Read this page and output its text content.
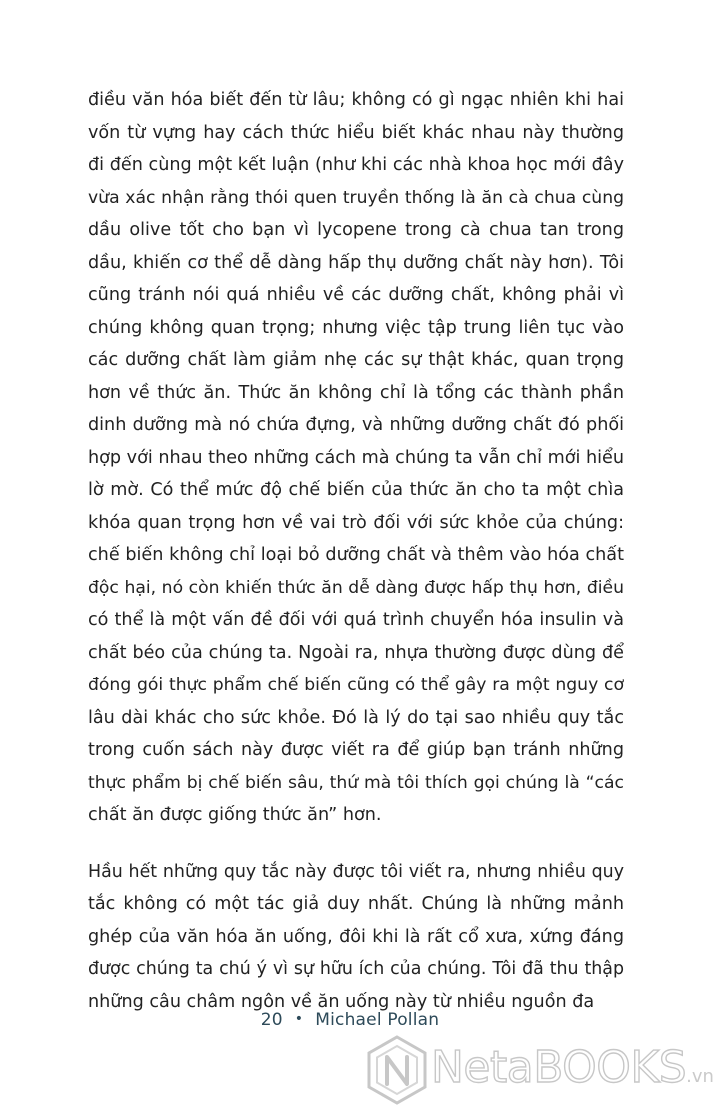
điều văn hóa biết đến từ lâu; không có gì ngạc nhiên khi hai
vốn từ vựng hay cách thức hiểu biết khác nhau này thường
đi đến cùng một kết luận (như khi các nhà khoa học mới đây
vừa xác nhận rằng thói quen truyền thống là ăn cà chua cùng
dầu olive tốt cho bạn vì lycopene trong cà chua tan trong
dầu, khiến cơ thể dễ dàng hấp thụ dưỡng chất này hơn). Tôi
cũng tránh nói quá nhiều về các dưỡng chất, không phải vì
chúng không quan trọng; nhưng việc tập trung liên tục vào
các dưỡng chất làm giảm nhẹ các sự thật khác, quan trọng
hơn về thức ăn. Thức ăn không chỉ là tổng các thành phần
dinh dưỡng mà nó chứa đựng, và những dưỡng chất đó phối
hợp với nhau theo những cách mà chúng ta vẫn chỉ mới hiểu
lờ mờ. Có thể mức độ chế biến của thức ăn cho ta một chìa
khóa quan trọng hơn về vai trò đối với sức khỏe của chúng:
chế biến không chỉ loại bỏ dưỡng chất và thêm vào hóa chất
độc hại, nó còn khiến thức ăn dễ dàng được hấp thụ hơn, điều
có thể là một vấn đề đối với quá trình chuyển hóa insulin và
chất béo của chúng ta. Ngoài ra, nhựa thường được dùng để
đóng gói thực phẩm chế biến cũng có thể gây ra một nguy cơ
lâu dài khác cho sức khỏe. Đó là lý do tại sao nhiều quy tắc
trong cuốn sách này được viết ra để giúp bạn tránh những
thực phẩm bị chế biến sâu, thứ mà tôi thích gọi chúng là “các
chất ăn được giống thức ăn” hơn.

Hầu hết những quy tắc này được tôi viết ra, nhưng nhiều quy
tắc không có một tác giả duy nhất. Chúng là những mảnh
ghép của văn hóa ăn uống, đôi khi là rất cổ xưa, xứng đáng
được chúng ta chú ý vì sự hữu ích của chúng. Tôi đã thu thập
những câu châm ngôn về ăn uống này từ nhiều nguồn đa

20 • Michael Pollan
NetaBOOKS.vn
